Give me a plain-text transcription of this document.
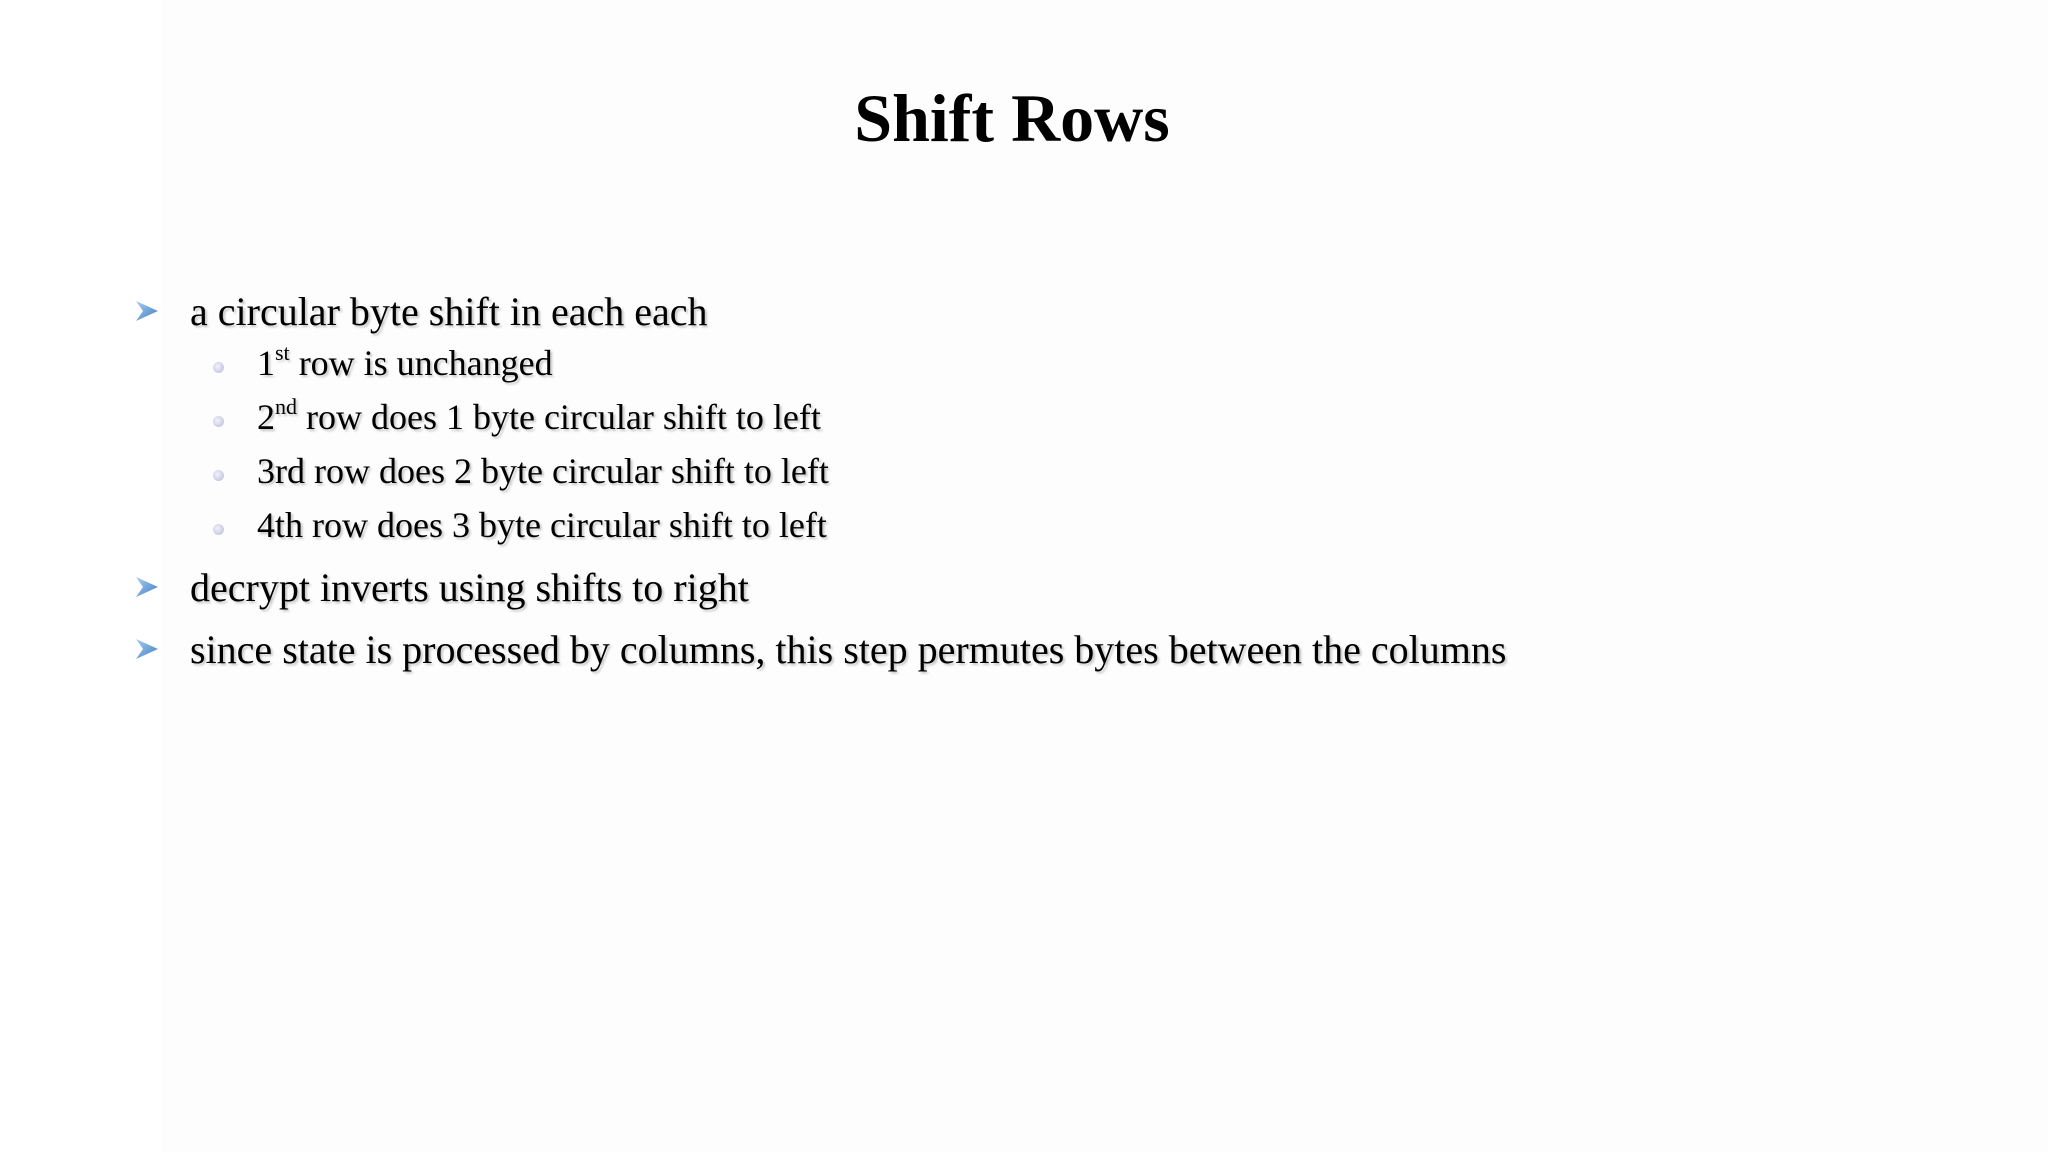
Shift Rows
a circular byte shift in each each
1st row is unchanged
2nd row does 1 byte circular shift to left
3rd row does 2 byte circular shift to left
4th row does 3 byte circular shift to left
decrypt inverts using shifts to right
since state is processed by columns, this step permutes bytes between the columns
